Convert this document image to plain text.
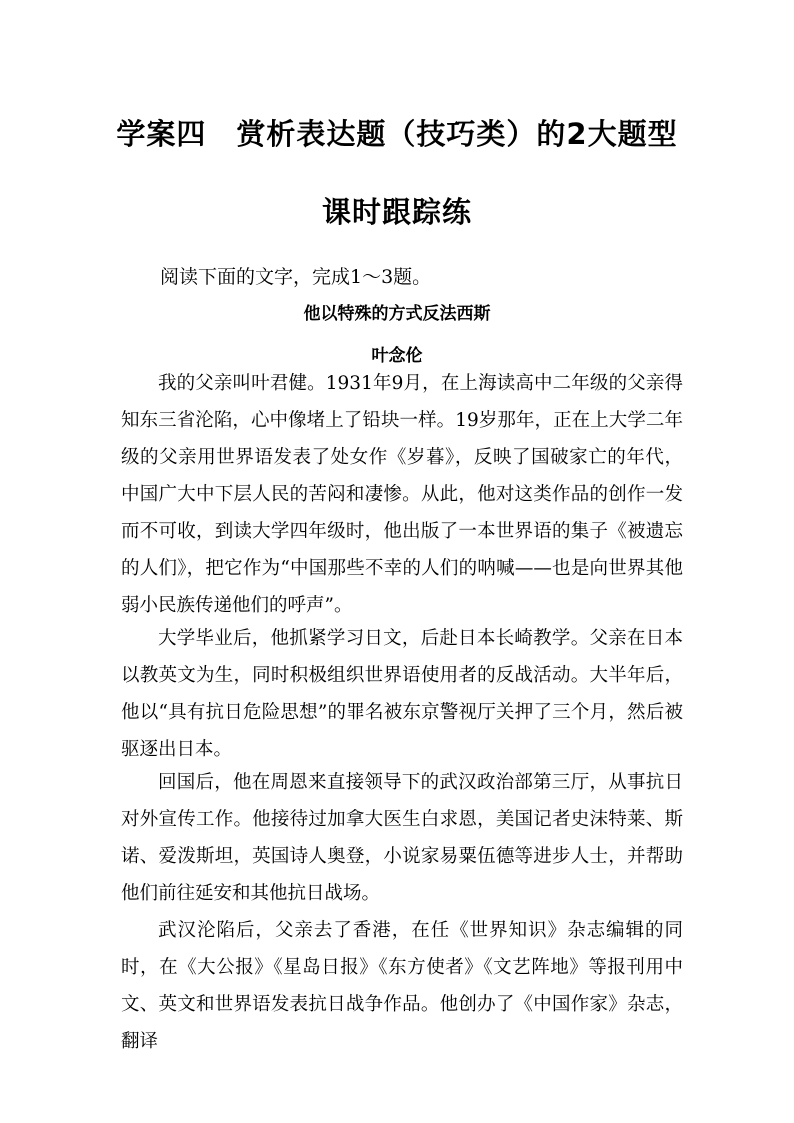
学案四　赏析表达题（技巧类）的2大题型
课时跟踪练
阅读下面的文字，完成1～3题。
他以特殊的方式反法西斯
叶念伦

我的父亲叫叶君健。1931年9月，在上海读高中二年级的父亲得知东三省沦陷，心中像堵上了铅块一样。19岁那年，正在上大学二年级的父亲用世界语发表了处女作《岁暮》，反映了国破家亡的年代，中国广大中下层人民的苦闷和凄惨。从此，他对这类作品的创作一发而不可收，到读大学四年级时，他出版了一本世界语的集子《被遗忘的人们》，把它作为“中国那些不幸的人们的呐喊——也是向世界其他弱小民族传递他们的呼声”。

大学毕业后，他抓紧学习日文，后赴日本长崎教学。父亲在日本以教英文为生，同时积极组织世界语使用者的反战活动。大半年后，他以“具有抗日危险思想”的罪名被东京警视厅关押了三个月，然后被驱逐出日本。

回国后，他在周恩来直接领导下的武汉政治部第三厅，从事抗日对外宣传工作。他接待过加拿大医生白求恩，美国记者史沫特莱、斯诺、爱泼斯坦，英国诗人奥登，小说家易粟伍德等进步人士，并帮助他们前往延安和其他抗日战场。

武汉沦陷后，父亲去了香港，在任《世界知识》杂志编辑的同时，在《大公报》《星岛日报》《东方使者》《文艺阵地》等报刊用中文、英文和世界语发表抗日战争作品。他创办了《中国作家》杂志，翻译
